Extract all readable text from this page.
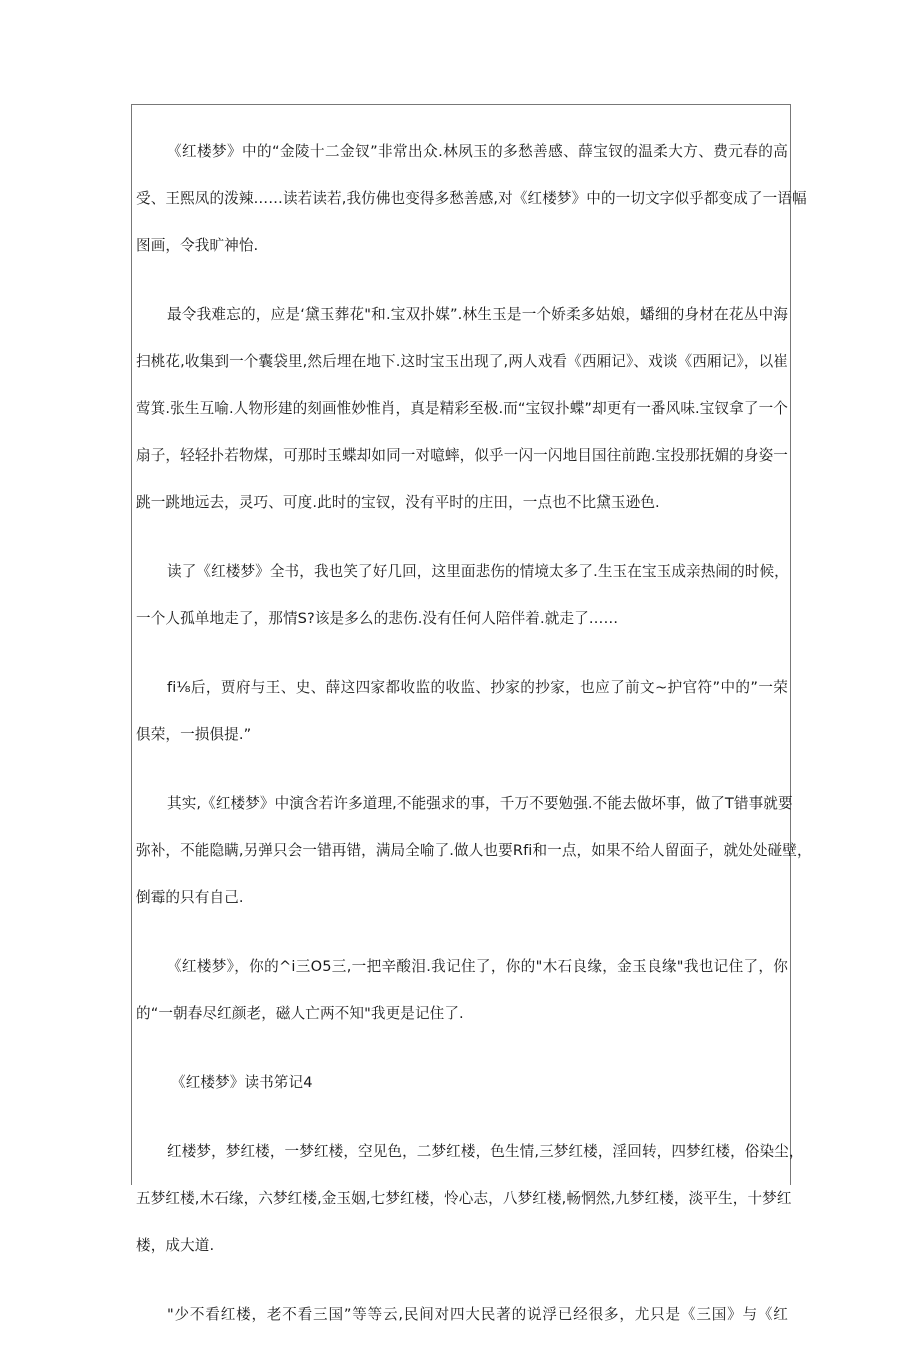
《红楼梦》中的“金陵十二金钗”非常出众.林夙玉的多愁善感、薛宝钗的温柔大方、费元春的高
受、王熙凤的泼辣……读若读若,我仿佛也变得多愁善感,对《红楼梦》中的一切文字似乎都变成了一语幅
图画，令我旷神怡.
最令我难忘的，应是‘黛玉葬花"和.宝双扑媒”.林生玉是一个娇柔多姑娘，蟠细的身材在花丛中海
扫桃花,收集到一个囊袋里,然后埋在地下.这时宝玉出现了,两人戏看《西厢记》、戏谈《西厢记》，以崔
莺箕.张生互喻.人物形建的刻画惟妙惟肖，真是精彩至极.而“宝钗扑蝶”却更有一番风味.宝钗拿了一个
扇子，轻轻扑若物煤，可那时玉蝶却如同一对噫蟀，似乎一闪一闪地目国往前跑.宝投那抚媚的身姿一
跳一跳地远去，灵巧、可度.此时的宝钗，没有平时的庄田，一点也不比黛玉逊色.
读了《红楼梦》全书，我也笑了好几回，这里面悲伤的情境太多了.生玉在宝玉成亲热闹的时候，
一个人孤单地走了，那情S?该是多么的悲伤.没有任何人陪伴着.就走了……
fi⅛后，贾府与王、史、薛这四家都收监的收监、抄家的抄家，也应了前文~护官符”中的”一荣
俱荣，一损俱提.”
其实,《红楼梦》中演含若许多道理,不能强求的事，千万不要勉强.不能去做坏事，做了T错事就要
弥补，不能隐瞒,另弹只会一错再错，满局全喻了.做人也要Rfi和一点，如果不给人留面子，就处处碰壁，
倒霉的只有自己.
《红楼梦》，你的^i三O5三,一把辛酸泪.我记住了，你的"木石良缘，金玉良缘"我也记住了，你
的“一朝春尽红颜老，磁人亡两不知"我更是记住了.
《红楼梦》读书笫记4
红楼梦，梦红楼，一梦红楼，空见色，二梦红楼，色生情,三梦红楼，淫回转，四梦红楼，俗染尘，
五梦红楼,木石缘，六梦红楼,金玉姻,七梦红楼，怜心志，八梦红楼,畅惘然,九梦红楼，淡平生，十梦红
楼，成大道.
"少不看红楼，老不看三国”等等云,民间对四大民著的说浮已经很多，尤只是《三国》与《红
